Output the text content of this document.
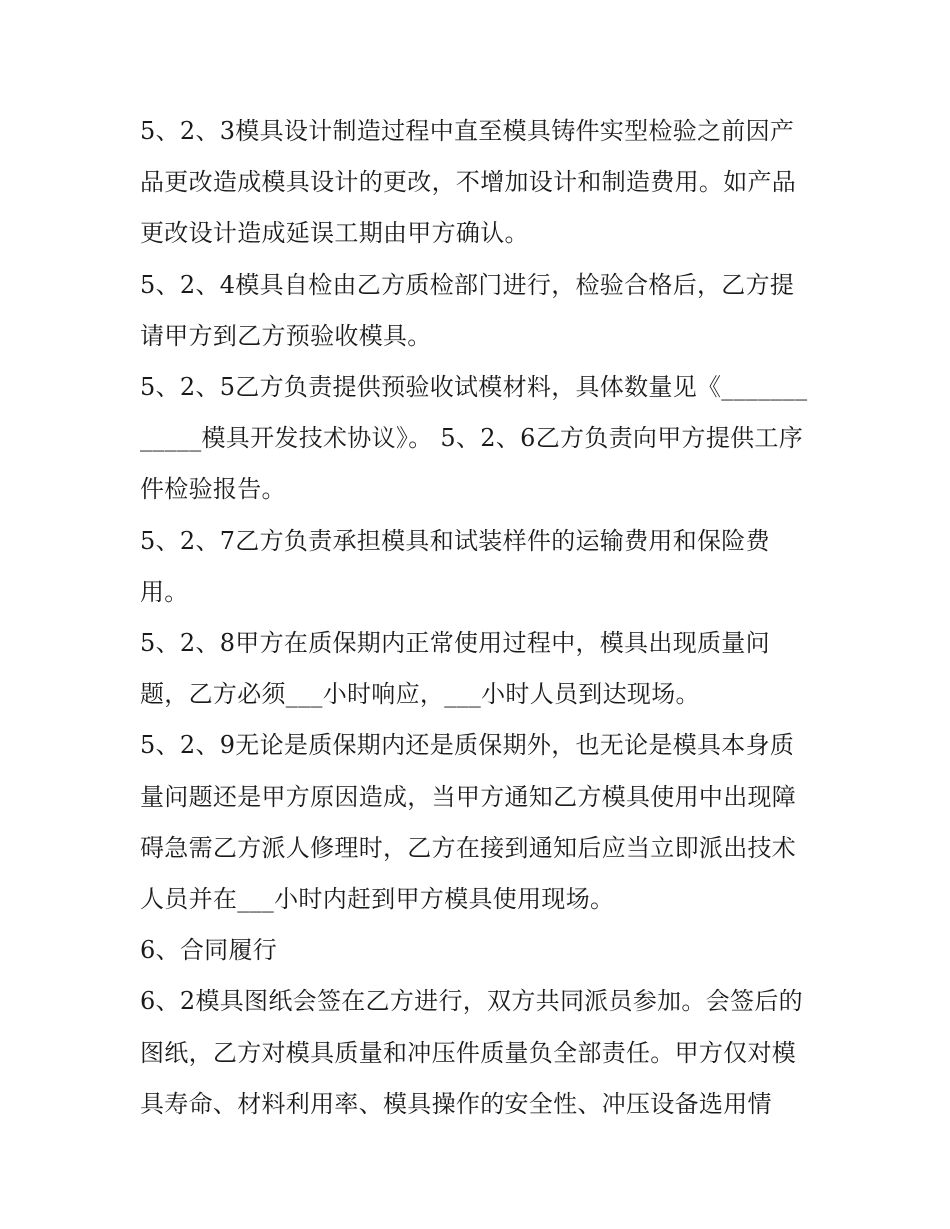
5、2、3模具设计制造过程中直至模具铸件实型检验之前因产品更改造成模具设计的更改，不增加设计和制造费用。如产品更改设计造成延误工期由甲方确认。

5、2、4模具自检由乙方质检部门进行，检验合格后，乙方提请甲方到乙方预验收模具。

5、2、5乙方负责提供预验收试模材料，具体数量见《____________模具开发技术协议》。 5、2、6乙方负责向甲方提供工序件检验报告。

5、2、7乙方负责承担模具和试装样件的运输费用和保险费用。

5、2、8甲方在质保期内正常使用过程中，模具出现质量问题，乙方必须___小时响应，___小时人员到达现场。

5、2、9无论是质保期内还是质保期外，也无论是模具本身质量问题还是甲方原因造成，当甲方通知乙方模具使用中出现障碍急需乙方派人修理时，乙方在接到通知后应当立即派出技术人员并在___小时内赶到甲方模具使用现场。

6、合同履行

6、2模具图纸会签在乙方进行，双方共同派员参加。会签后的图纸，乙方对模具质量和冲压件质量负全部责任。甲方仅对模具寿命、材料利用率、模具操作的安全性、冲压设备选用情
